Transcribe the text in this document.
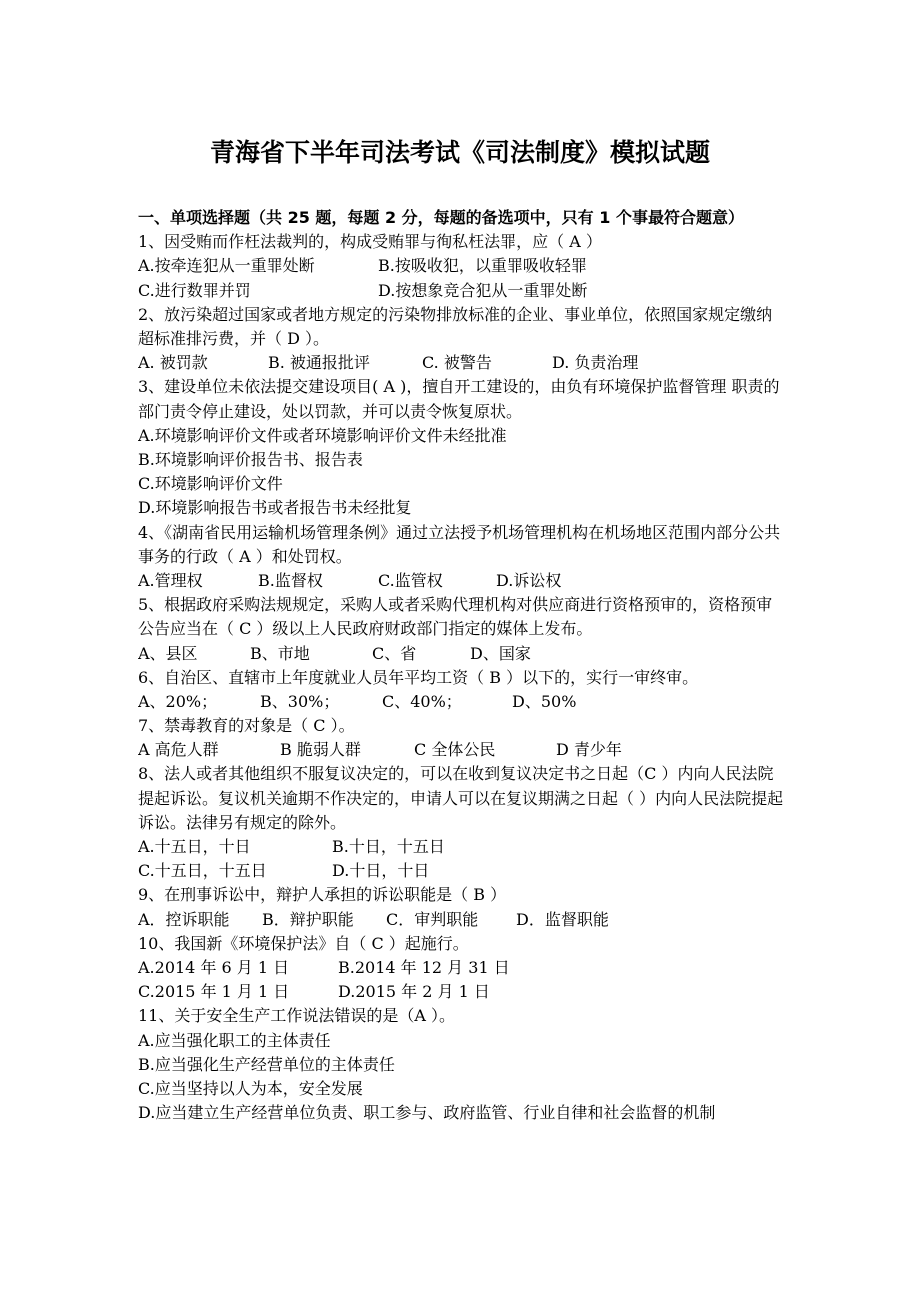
青海省下半年司法考试《司法制度》模拟试题

一、单项选择题（共 25 题，每题 2 分，每题的备选项中，只有 1 个事最符合题意）

1、因受贿而作枉法裁判的，构成受贿罪与徇私枉法罪，应（ A ）

A.按牵连犯从一重罪处断	B.按吸收犯，以重罪吸收轻罪

C.进行数罪并罚	D.按想象竞合犯从一重罪处断

2、放污染超过国家或者地方规定的污染物排放标准的企业、事业单位，依照国家规定缴纳超标准排污费，并（ D ）。

A. 被罚款	B. 被通报批评	C. 被警告	D. 负责治理

3、建设单位未依法提交建设项目( A )，擅自开工建设的，由负有环境保护监督管理 职责的部门责令停止建设，处以罚款，并可以责令恢复原状。

A.环境影响评价文件或者环境影响评价文件未经批准

B.环境影响评价报告书、报告表

C.环境影响评价文件

D.环境影响报告书或者报告书未经批复

4、《湖南省民用运输机场管理条例》通过立法授予机场管理机构在机场地区范围内部分公共事务的行政（ A ）和处罚权。

A.管理权	B.监督权	C.监管权	D.诉讼权

5、根据政府采购法规规定，采购人或者采购代理机构对供应商进行资格预审的，资格预审公告应当在（ C ）级以上人民政府财政部门指定的媒体上发布。

A、县区	B、市地	C、省	D、国家

6、自治区、直辖市上年度就业人员年平均工资（ B ）以下的，实行一审终审。

A、20%；	B、30%；	C、40%；	D、50%

7、禁毒教育的对象是（ C ）。

A 高危人群	B 脆弱人群	C 全体公民	D 青少年

8、法人或者其他组织不服复议决定的，可以在收到复议决定书之日起（C ）内向人民法院提起诉讼。复议机关逾期不作决定的，申请人可以在复议期满之日起（ ）内向人民法院提起诉讼。法律另有规定的除外。

A.十五日，十日	B.十日，十五日

C.十五日，十五日	D.十日，十日

9、在刑事诉讼中，辩护人承担的诉讼职能是（ B ）

A．控诉职能 B．辩护职能 C．审判职能 D．监督职能

10、我国新《环境保护法》自（ C ）起施行。

A.2014 年 6 月 1 日	B.2014 年 12 月 31 日

C.2015 年 1 月 1 日	D.2015 年 2 月 1 日

11、关于安全生产工作说法错误的是（A ）。

A.应当强化职工的主体责任

B.应当强化生产经营单位的主体责任

C.应当坚持以人为本，安全发展

D.应当建立生产经营单位负责、职工参与、政府监管、行业自律和社会监督的机制
